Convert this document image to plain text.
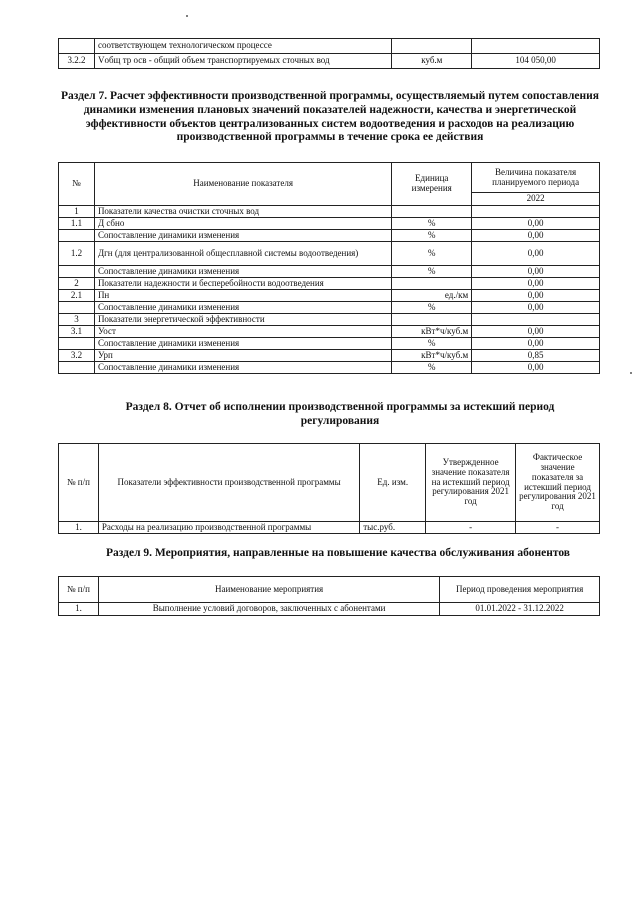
	соответствующем технологическом процессе		
3.2.2	Vобщ тр осв - общий объем транспортируемых сточных вод	куб.м	104 050,00

Раздел 7. Расчет эффективности производственной программы, осуществляемый путем сопоставления динамики изменения плановых значений показателей надежности, качества и энергетической эффективности объектов централизованных систем водоотведения и расходов на реализацию производственной программы в течение срока ее действия

№	Наименование показателя	Единица измерения	Величина показателя планируемого периода
			2022
1	Показатели качества очистки сточных вод		
1.1	Д сбно	%	0,00
	Сопоставление динамики изменения	%	0,00
1.2	Дгн (для централизованной общесплавной системы водоотведения)	%	0,00
	Сопоставление динамики изменения	%	0,00
2	Показатели надежности и бесперебойности водоотведения		0,00
2.1	Пн	ед./км	0,00
	Сопоставление динамики изменения	%	0,00
3	Показатели энергетической эффективности		
3.1	Уост	кВт*ч/куб.м	0,00
	Сопоставление динамики изменения	%	0,00
3.2	Урп	кВт*ч/куб.м	0,85
	Сопоставление динамики изменения	%	0,00

Раздел 8. Отчет об исполнении производственной программы за истекший период регулирования

№ п/п	Показатели эффективности производственной программы	Ед. изм.	Утвержденное значение показателя на истекший период регулирования 2021 год	Фактическое значение показателя за истекший период регулирования 2021 год
1.	Расходы на реализацию производственной программы	тыс.руб.	-	-

Раздел 9. Мероприятия, направленные на повышение качества обслуживания абонентов

№ п/п	Наименование мероприятия	Период проведения мероприятия
1.	Выполнение условий договоров, заключенных с абонентами	01.01.2022 - 31.12.2022
